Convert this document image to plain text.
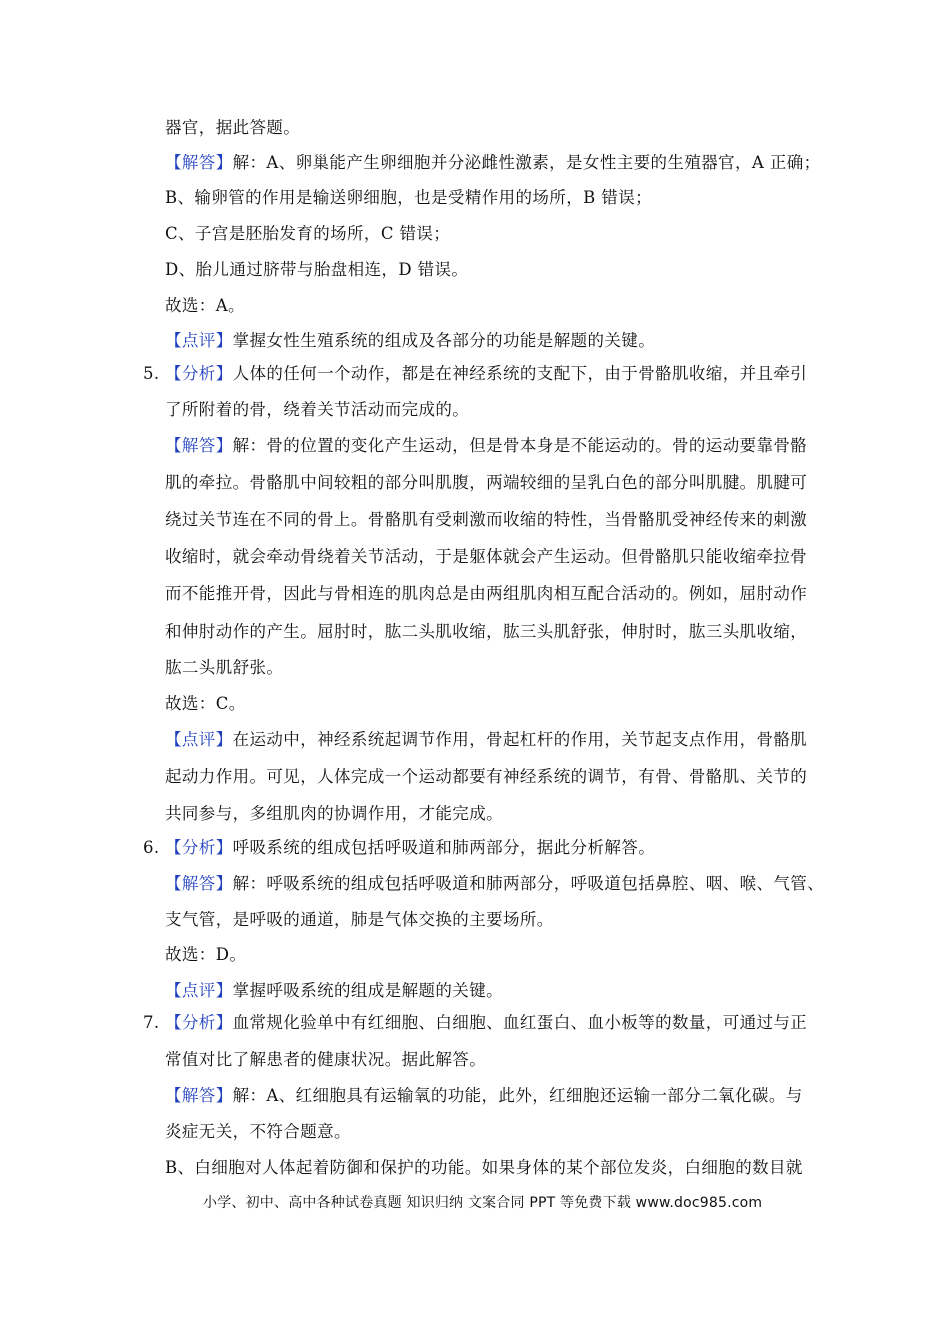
器官，据此答题。
【解答】解：A、卵巢能产生卵细胞并分泌雌性激素，是女性主要的生殖器官，A 正确；
B、输卵管的作用是输送卵细胞，也是受精作用的场所，B 错误；
C、子宫是胚胎发育的场所，C 错误；
D、胎儿通过脐带与胎盘相连，D 错误。
故选：A。
【点评】掌握女性生殖系统的组成及各部分的功能是解题的关键。
5. 【分析】人体的任何一个动作，都是在神经系统的支配下，由于骨骼肌收缩，并且牵引
了所附着的骨，绕着关节活动而完成的。
【解答】解：骨的位置的变化产生运动，但是骨本身是不能运动的。骨的运动要靠骨骼
肌的牵拉。骨骼肌中间较粗的部分叫肌腹，两端较细的呈乳白色的部分叫肌腱。肌腱可
绕过关节连在不同的骨上。骨骼肌有受刺激而收缩的特性，当骨骼肌受神经传来的刺激
收缩时，就会牵动骨绕着关节活动，于是躯体就会产生运动。但骨骼肌只能收缩牵拉骨
而不能推开骨，因此与骨相连的肌肉总是由两组肌肉相互配合活动的。例如，屈肘动作
和伸肘动作的产生。屈肘时，肱二头肌收缩，肱三头肌舒张，伸肘时，肱三头肌收缩，
肱二头肌舒张。
故选：C。
【点评】在运动中，神经系统起调节作用，骨起杠杆的作用，关节起支点作用，骨骼肌
起动力作用。可见，人体完成一个运动都要有神经系统的调节，有骨、骨骼肌、关节的
共同参与，多组肌肉的协调作用，才能完成。
6. 【分析】呼吸系统的组成包括呼吸道和肺两部分，据此分析解答。
【解答】解：呼吸系统的组成包括呼吸道和肺两部分，呼吸道包括鼻腔、咽、喉、气管、
支气管，是呼吸的通道，肺是气体交换的主要场所。
故选：D。
【点评】掌握呼吸系统的组成是解题的关键。
7. 【分析】血常规化验单中有红细胞、白细胞、血红蛋白、血小板等的数量，可通过与正
常值对比了解患者的健康状况。据此解答。
【解答】解：A、红细胞具有运输氧的功能，此外，红细胞还运输一部分二氧化碳。与
炎症无关，不符合题意。
B、白细胞对人体起着防御和保护的功能。如果身体的某个部位发炎，白细胞的数目就
小学、初中、高中各种试卷真题 知识归纳 文案合同 PPT 等免费下载 www.doc985.com
